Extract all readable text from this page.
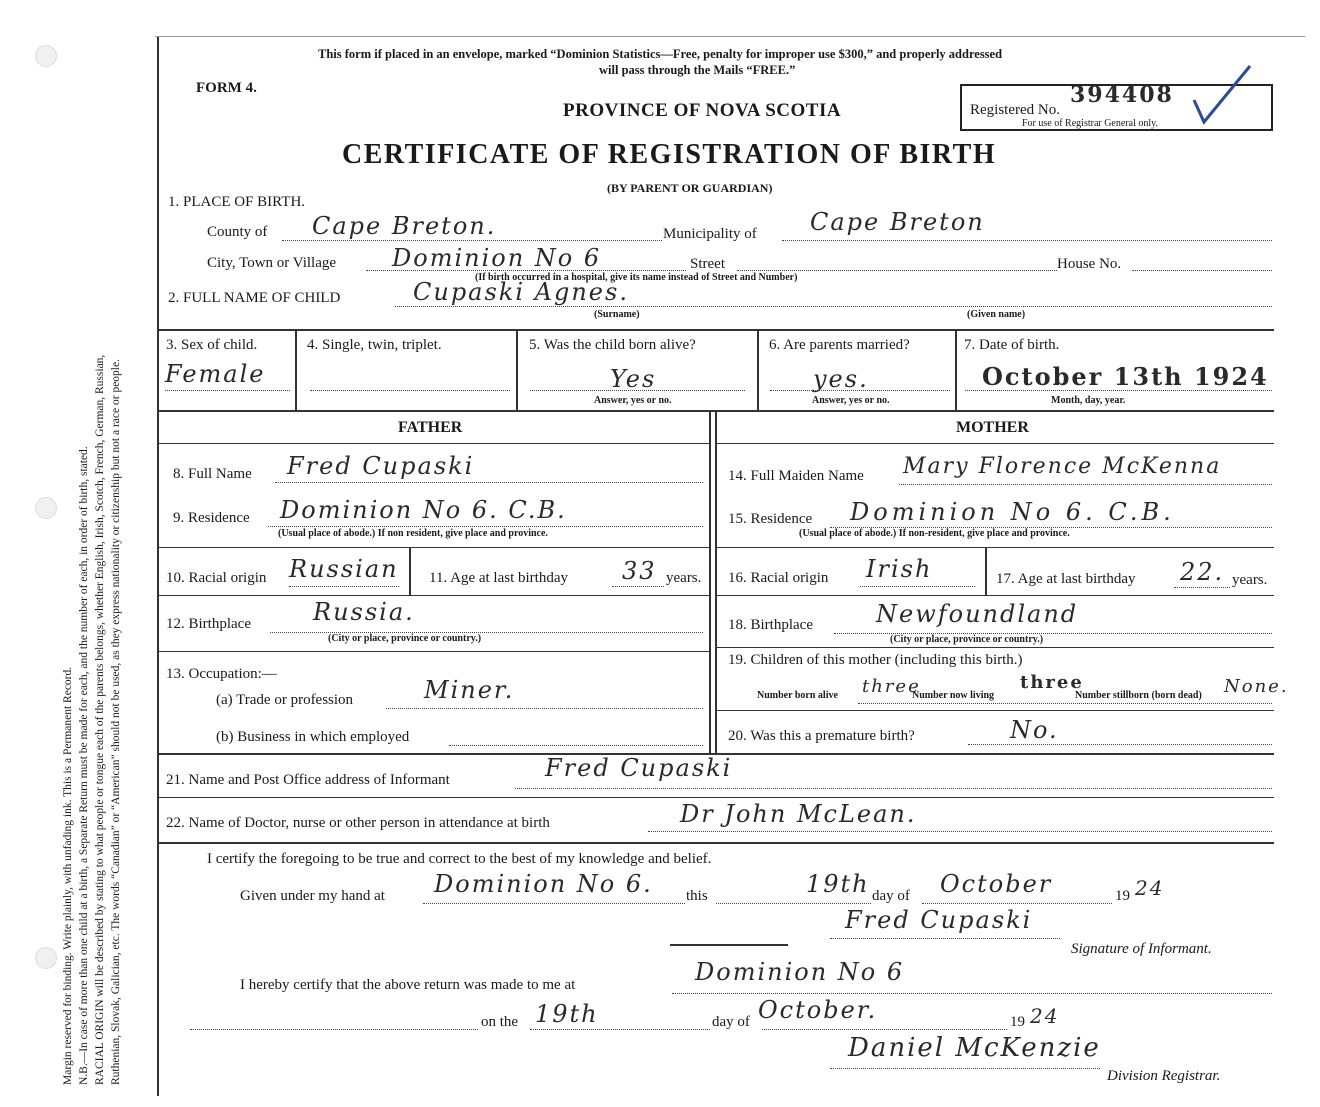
Margin reserved for binding. Write plainly, with unfading ink. This is a Permanent Record. N.B.—In case of more than one child at a birth, a Separate Return must be made for each, and the number of each, in order of birth, stated. RACIAL ORIGIN will be described by stating to what people or tongue each of the parents belongs, whether English, Irish, Scotch, French, German, Russian, Ruthenian, Slovak, Galician, etc. The words “Canadian” or “American” should not be used, as they express nationality or citizenship but not a race or people.
This form if placed in an envelope, marked “Dominion Statistics—Free, penalty for improper use $300,” and properly addressed
will pass through the Mails “FREE.”
FORM 4.
PROVINCE OF NOVA SCOTIA
CERTIFICATE OF REGISTRATION OF BIRTH
(BY PARENT OR GUARDIAN)
Registered No.
394408
For use of Registrar General only.
1. PLACE OF BIRTH.
County of Cape Breton.	Municipality of Cape Breton
City, Town or Village Dominion No 6	Street	House No.
(If birth occurred in a hospital, give its name instead of Street and Number)
2. FULL NAME OF CHILD	Cupaski Agnes.
(Surname)	(Given name)
3. Sex of child.
Female
4. Single, twin, triplet.	5. Was the child born alive?
Yes
Answer, yes or no.
6. Are parents married?
yes.
Answer, yes or no.
7. Date of birth.
October 13th 1924
Month, day, year.
FATHER	MOTHER
8. Full Name Fred Cupaski
9. Residence Dominion No 6. C.B.
(Usual place of abode.) If non resident, give place and province.
10. Racial origin Russian 11. Age at last birthday 33 years.
12. Birthplace	Russia.
(City or place, province or country.)
13. Occupation:—
(a) Trade or profession	Miner.
(b) Business in which employed
14. Full Maiden Name Mary Florence McKenna
15. Residence Dominion No 6. C.B.
(Usual place of abode.) If non-resident, give place and province.
16. Racial origin Irish	17. Age at last birthday 22. years.
18. Birthplace	Newfoundland
(City or place, province or country.)
19. Children of this mother (including this birth.)
Number born alive three
Number now living
three
Number stillborn (born dead) None.
20. Was this a premature birth?	No.
21. Name and Post Office address of Informant	Fred Cupaski
22. Name of Doctor, nurse or other person in attendance at birth	Dr John McLean.
I certify the foregoing to be true and correct to the best of my knowledge and belief.
Given under my hand at Dominion No 6. this	19th day of October	19 24
Fred Cupaski
Signature of Informant.
I hereby certify that the above return was made to me at	Dominion No 6
on the 19th	day of October.	19 24
Daniel McKenzie
Division Registrar.
